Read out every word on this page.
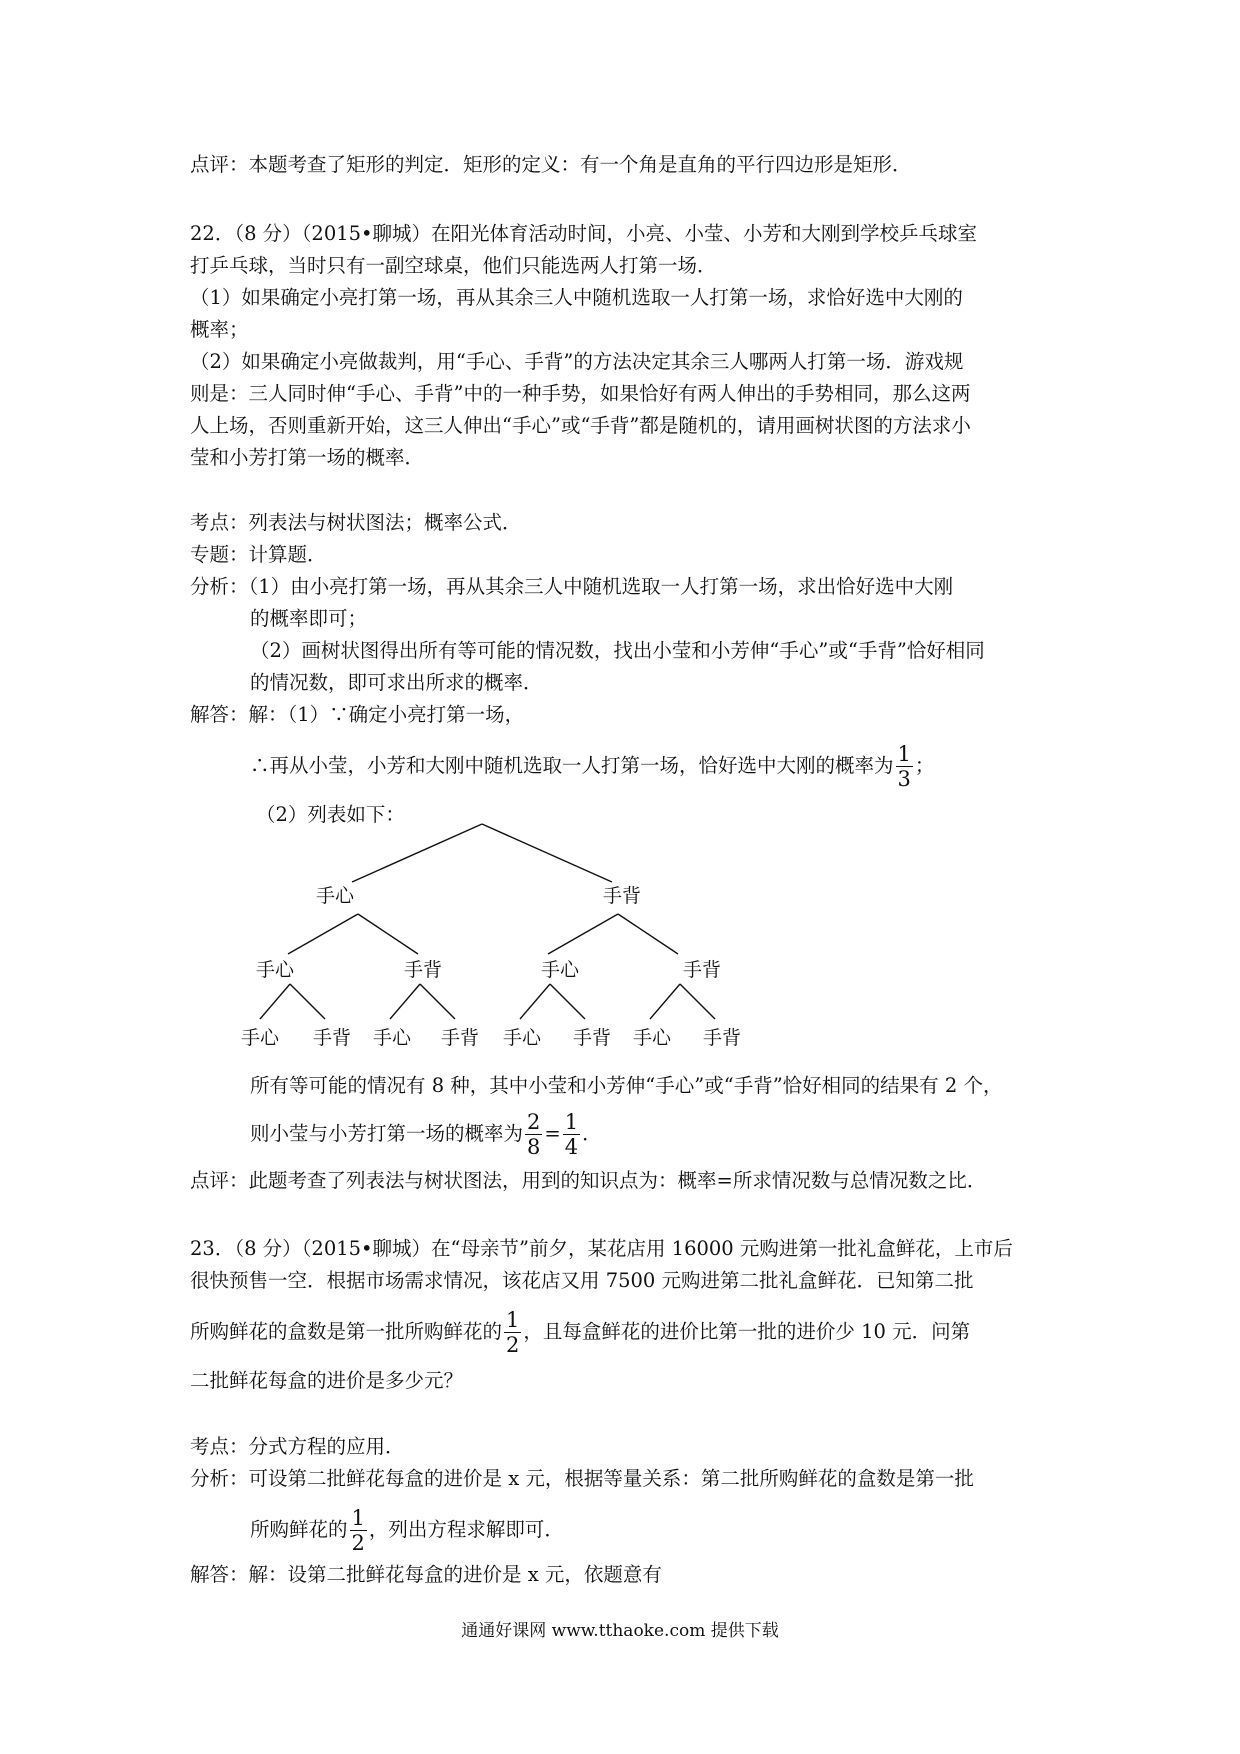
点评：本题考查了矩形的判定．矩形的定义：有一个角是直角的平行四边形是矩形．
22．（8 分）（2015•聊城）在阳光体育活动时间，小亮、小莹、小芳和大刚到学校乒乓球室
打乒乓球，当时只有一副空球桌，他们只能选两人打第一场．
（1）如果确定小亮打第一场，再从其余三人中随机选取一人打第一场，求恰好选中大刚的
概率；
（2）如果确定小亮做裁判，用“手心、手背”的方法决定其余三人哪两人打第一场．游戏规
则是：三人同时伸“手心、手背”中的一种手势，如果恰好有两人伸出的手势相同，那么这两
人上场，否则重新开始，这三人伸出“手心”或“手背”都是随机的，请用画树状图的方法求小
莹和小芳打第一场的概率．
考点：列表法与树状图法；概率公式．
专题：计算题．
分析：（1）由小亮打第一场，再从其余三人中随机选取一人打第一场，求出恰好选中大刚
的概率即可；
（2）画树状图得出所有等可能的情况数，找出小莹和小芳伸“手心”或“手背”恰好相同
的情况数，即可求出所求的概率．
解答：解：（1）∵确定小亮打第一场，
∴再从小莹，小芳和大刚中随机选取一人打第一场，恰好选中大刚的概率为 $\frac{1}{3}$ ；
（2）列表如下：
手心	手背
手心	手背	手心	手背
手心 手背 手心 手背 手心 手背 手心 手背
所有等可能的情况有 8 种，其中小莹和小芳伸“手心”或“手背”恰好相同的结果有 2 个，
则小莹与小芳打第一场的概率为 $\frac{2}{8} = \frac{1}{4}$ ．
点评：此题考查了列表法与树状图法，用到的知识点为：概率=所求情况数与总情况数之比．
23．（8 分）（2015•聊城）在“母亲节”前夕，某花店用 16000 元购进第一批礼盒鲜花，上市后
很快预售一空．根据市场需求情况，该花店又用 7500 元购进第二批礼盒鲜花．已知第二批
所购鲜花的盒数是第一批所购鲜花的 $\frac{1}{2}$ ，且每盒鲜花的进价比第一批的进价少 10 元．问第
二批鲜花每盒的进价是多少元？
考点：分式方程的应用．
分析：可设第二批鲜花每盒的进价是 x 元，根据等量关系：第二批所购鲜花的盒数是第一批
所购鲜花的 $\frac{1}{2}$ ，列出方程求解即可．
解答：解：设第二批鲜花每盒的进价是 x 元，依题意有
通通好课网 www.tthaoke.com 提供下载
